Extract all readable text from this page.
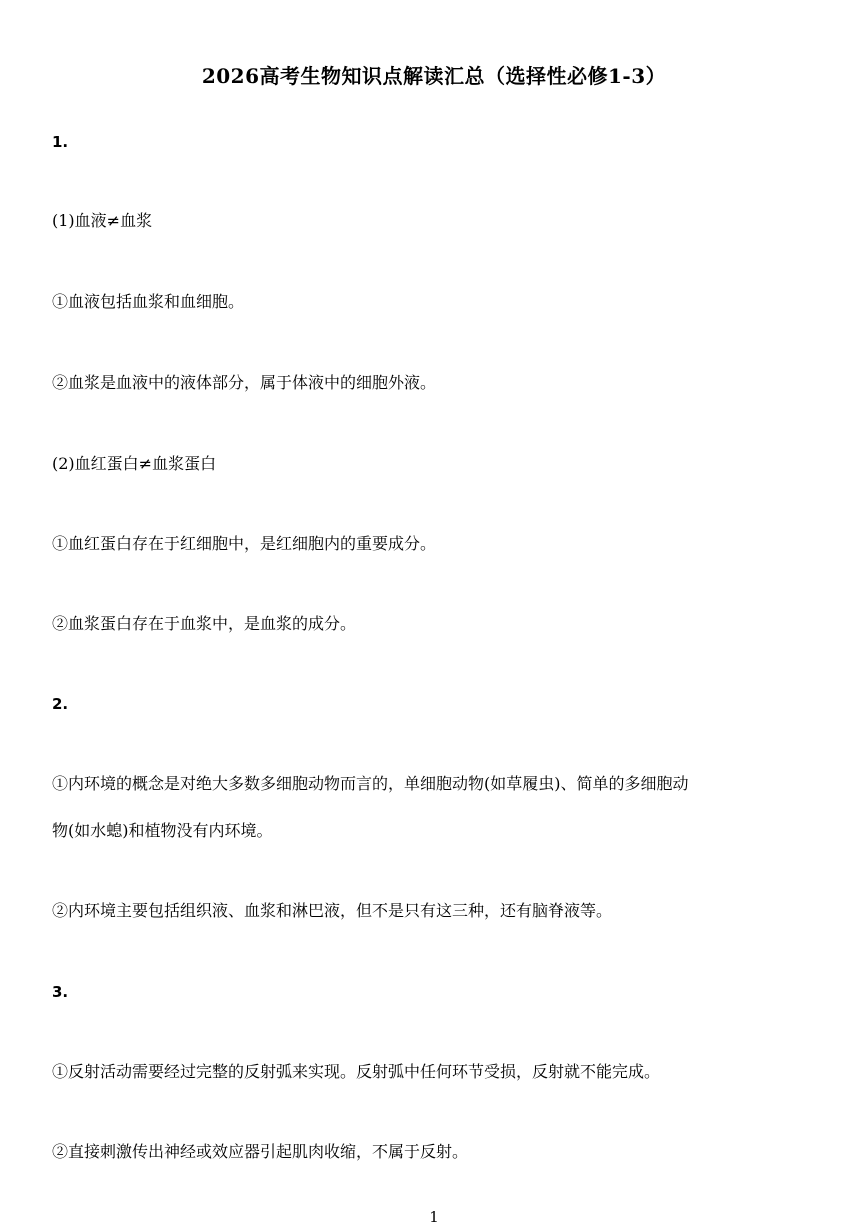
2026高考生物知识点解读汇总（选择性必修1-3）
1.
(1)血液≠血浆
①血液包括血浆和血细胞。
②血浆是血液中的液体部分，属于体液中的细胞外液。
(2)血红蛋白≠血浆蛋白
①血红蛋白存在于红细胞中，是红细胞内的重要成分。
②血浆蛋白存在于血浆中，是血浆的成分。
2.
①内环境的概念是对绝大多数多细胞动物而言的，单细胞动物(如草履虫)、简单的多细胞动
物(如水螅)和植物没有内环境。
②内环境主要包括组织液、血浆和淋巴液，但不是只有这三种，还有脑脊液等。
3.
①反射活动需要经过完整的反射弧来实现。反射弧中任何环节受损，反射就不能完成。
②直接刺激传出神经或效应器引起肌肉收缩，不属于反射。
1
